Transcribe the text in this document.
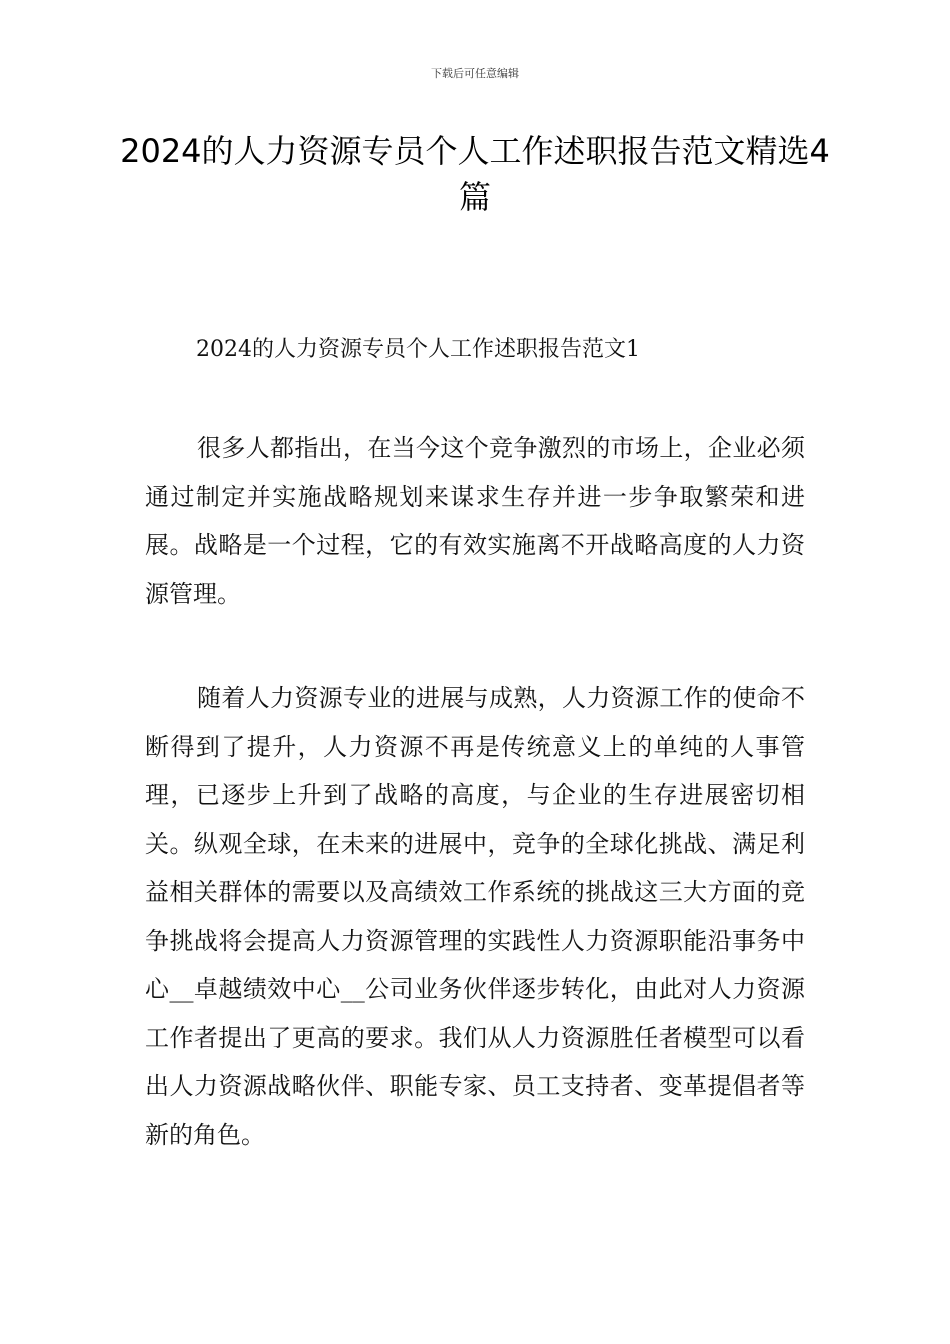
下载后可任意编辑
2024的人力资源专员个人工作述职报告范文精选4篇
2024的人力资源专员个人工作述职报告范文1

很多人都指出，在当今这个竞争激烈的市场上，企业必须通过制定并实施战略规划来谋求生存并进一步争取繁荣和进展。战略是一个过程，它的有效实施离不开战略高度的人力资源管理。

随着人力资源专业的进展与成熟，人力资源工作的使命不断得到了提升，人力资源不再是传统意义上的单纯的人事管理，已逐步上升到了战略的高度，与企业的生存进展密切相关。纵观全球，在未来的进展中，竞争的全球化挑战、满足利益相关群体的需要以及高绩效工作系统的挑战这三大方面的竞争挑战将会提高人力资源管理的实践性人力资源职能沿事务中心__卓越绩效中心__公司业务伙伴逐步转化，由此对人力资源工作者提出了更高的要求。我们从人力资源胜任者模型可以看出人力资源战略伙伴、职能专家、员工支持者、变革提倡者等新的角色。
